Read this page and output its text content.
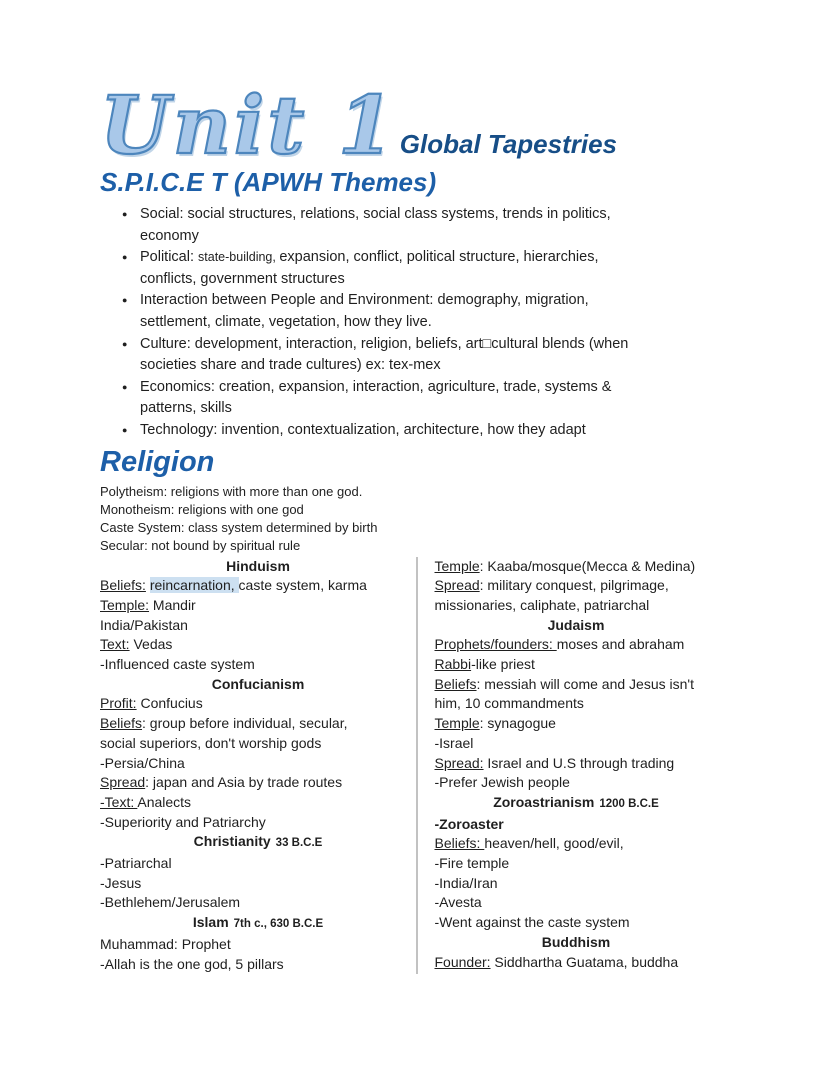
Unit 1 Global Tapestries
S.P.I.C.E T (APWH Themes)
● Social: social structures, relations, social class systems, trends in politics,
economy
● Political: state-building, expansion, conflict, political structure, hierarchies,
conflicts, government structures
● Interaction between People and Environment: demography, migration,
settlement, climate, vegetation, how they live.
● Culture: development, interaction, religion, beliefs, art□cultural blends (when
societies share and trade cultures) ex: tex-mex
● Economics: creation, expansion, interaction, agriculture, trade, systems &
patterns, skills
● Technology: invention, contextualization, architecture, how they adapt
Religion
Polytheism: religions with more than one god.
Monotheism: religions with one god
Caste System: class system determined by birth
Secular: not bound by spiritual rule
Hinduism
Beliefs: reincarnation, caste system, karma
Temple: Mandir
India/Pakistan
Text: Vedas
-Influenced caste system
Confucianism
Profit: Confucius
Beliefs: group before individual, secular,
social superiors, don't worship gods
-Persia/China
Spread: japan and Asia by trade routes
-Text: Analects
-Superiority and Patriarchy
Christianity 33 B.C.E
-Patriarchal
-Jesus
-Bethlehem/Jerusalem
Islam 7th c., 630 B.C.E
Muhammad: Prophet
-Allah is the one god, 5 pillars
Temple: Kaaba/mosque(Mecca & Medina)
Spread: military conquest, pilgrimage,
missionaries, caliphate, patriarchal
Judaism
Prophets/founders: moses and abraham
Rabbi-like priest
Beliefs: messiah will come and Jesus isn't
him, 10 commandments
Temple: synagogue
-Israel
Spread: Israel and U.S through trading
-Prefer Jewish people
Zoroastrianism 1200 B.C.E
-Zoroaster
Beliefs: heaven/hell, good/evil,
-Fire temple
-India/Iran
-Avesta
-Went against the caste system
Buddhism
Founder: Siddhartha Guatama, buddha
